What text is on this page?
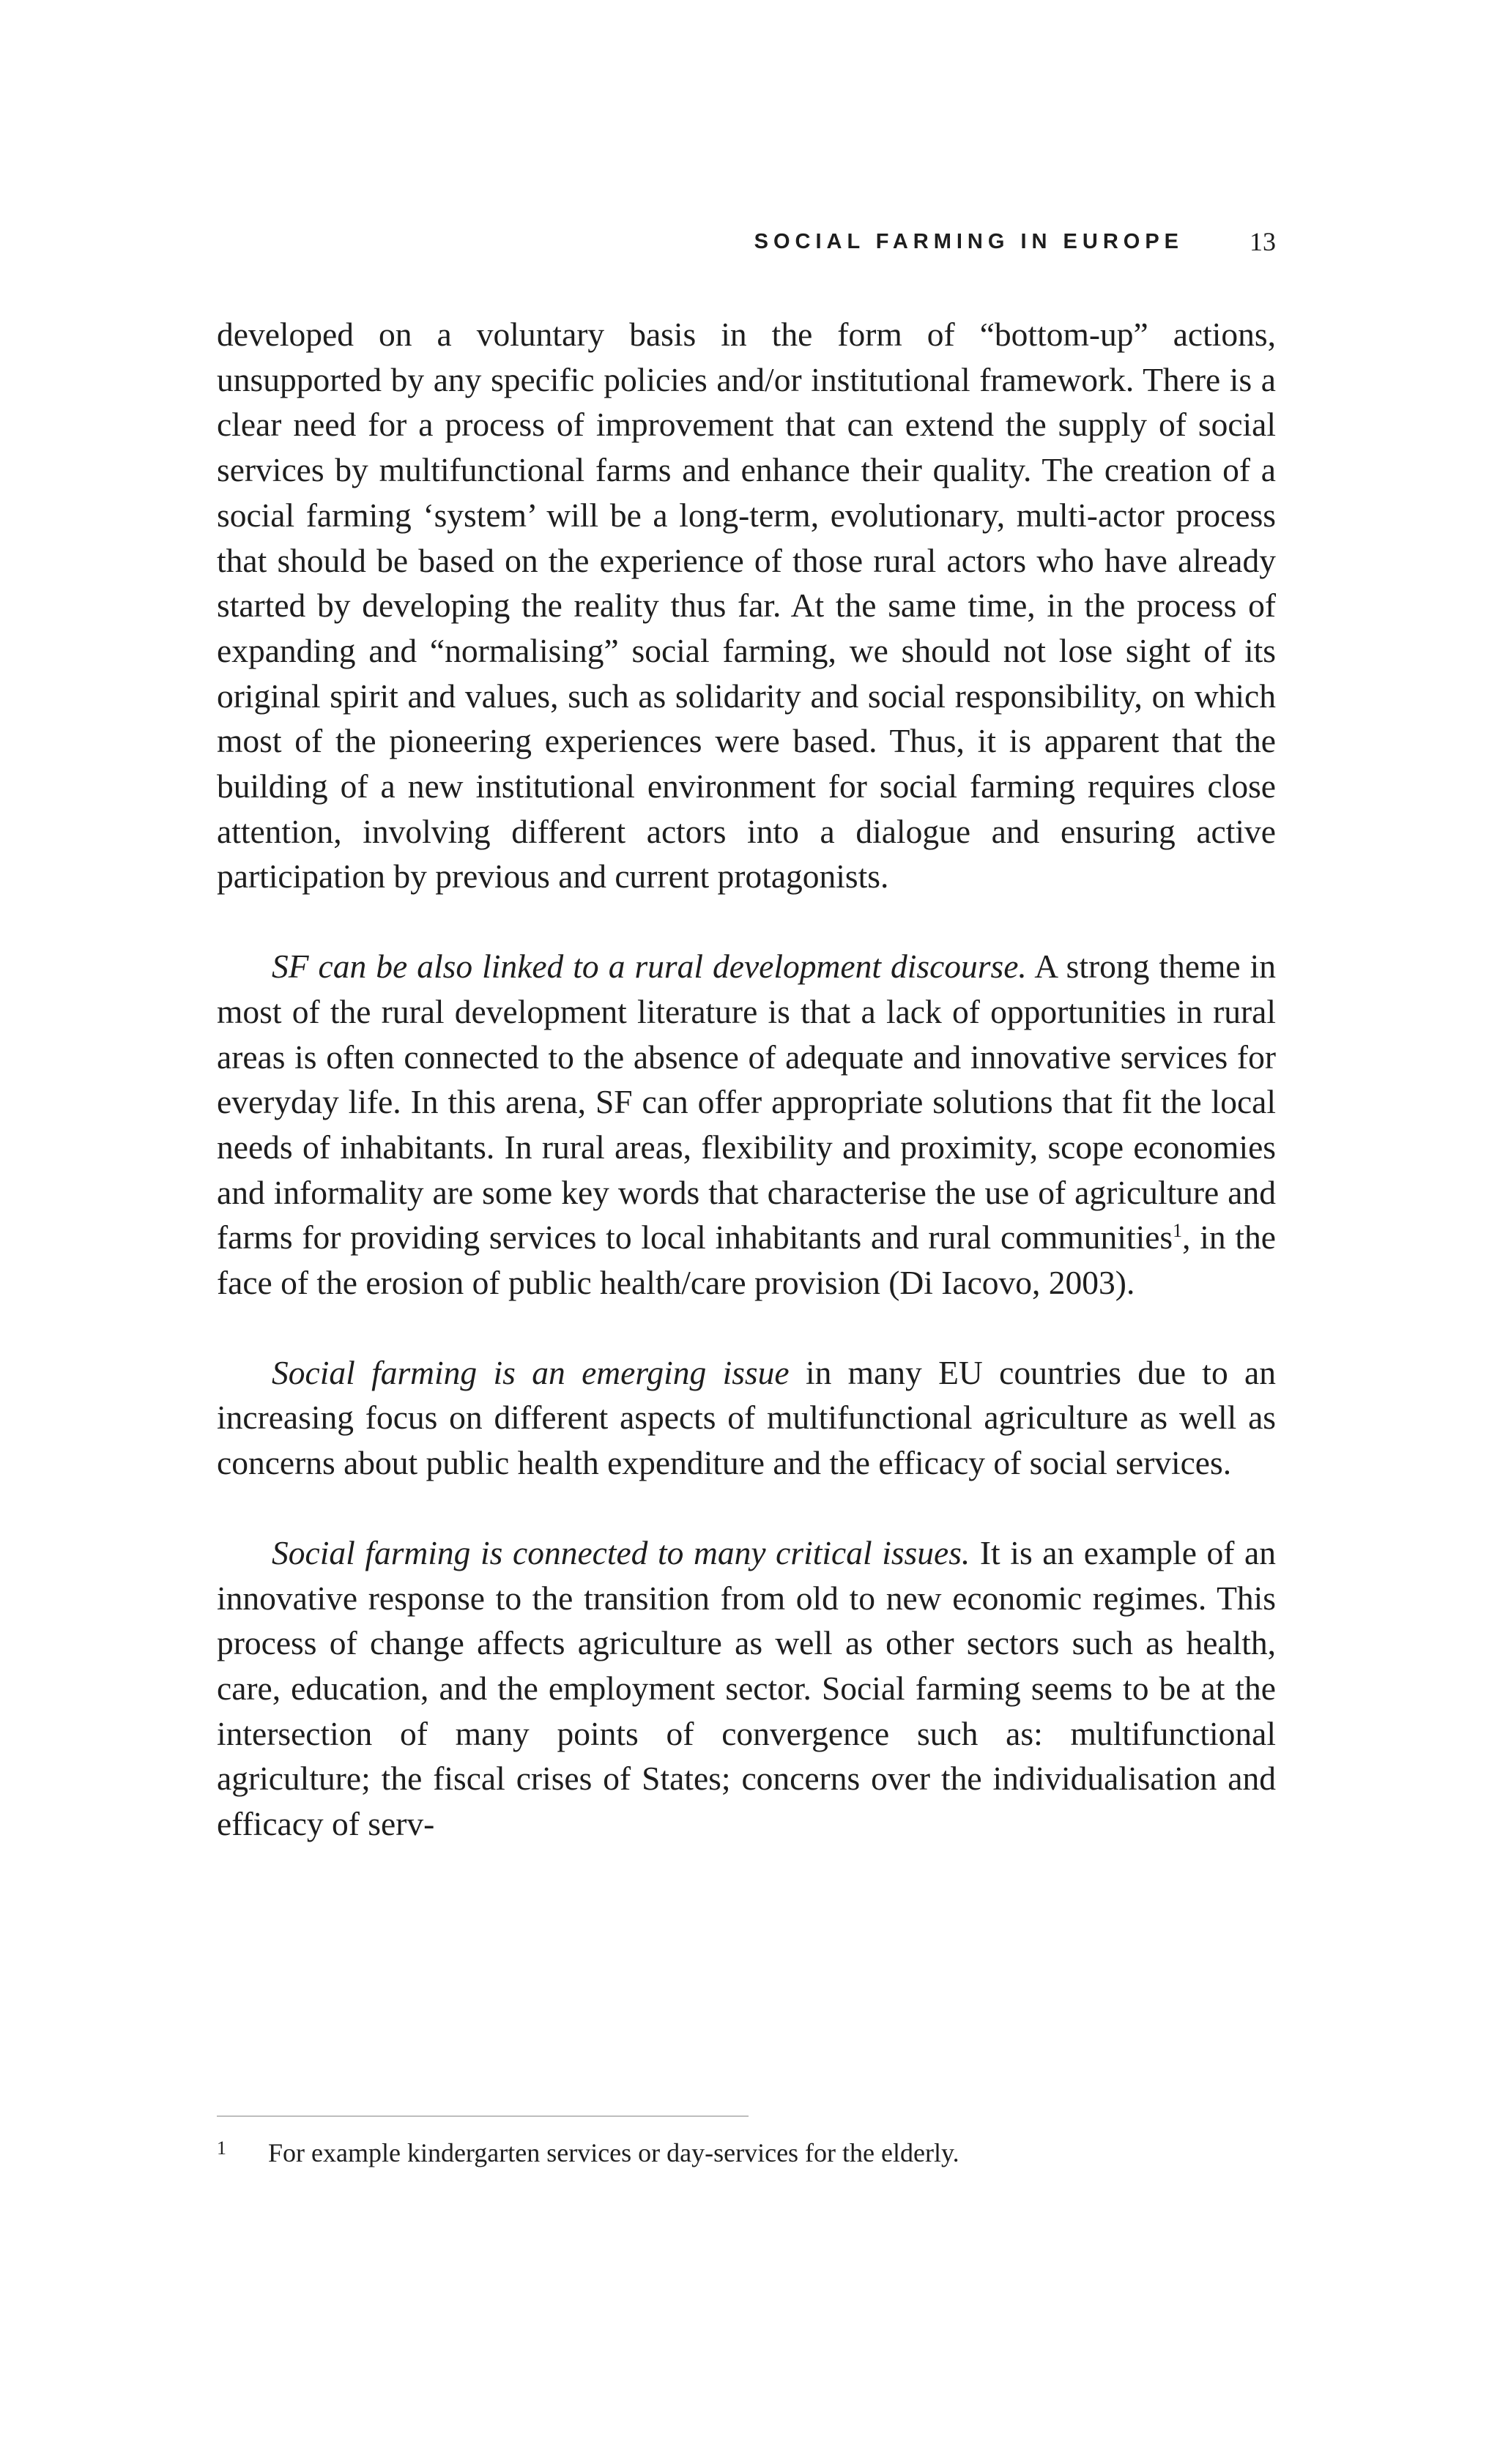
SOCIAL FARMING IN EUROPE	13

developed on a voluntary basis in the form of “bottom-up” actions, unsupported by any specific policies and/or institutional framework. There is a clear need for a process of improvement that can extend the supply of social services by multifunctional farms and enhance their quality. The creation of a social farming ‘system’ will be a long-term, evolutionary, multi-actor process that should be based on the experience of those rural actors who have already started by developing the reality thus far. At the same time, in the process of expanding and “normalising” social farming, we should not lose sight of its original spirit and values, such as solidarity and social responsibility, on which most of the pioneering experiences were based. Thus, it is apparent that the building of a new institutional environment for social farming requires close attention, involving different actors into a dialogue and ensuring active participation by previous and current protagonists.

SF can be also linked to a rural development discourse. A strong theme in most of the rural development literature is that a lack of opportunities in rural areas is often connected to the absence of adequate and innovative services for everyday life. In this arena, SF can offer appropriate solutions that fit the local needs of inhabitants. In rural areas, flexibility and proximity, scope economies and informality are some key words that characterise the use of agriculture and farms for providing services to local inhabitants and rural communities$^1$, in the face of the erosion of public health/​care provision (Di Iacovo, 2003).

Social farming is an emerging issue in many EU countries due to an increasing focus on different aspects of multifunctional agriculture as well as concerns about public health expenditure and the efficacy of social services.

Social farming is connected to many critical issues. It is an example of an innovative response to the transition from old to new economic regimes. This process of change affects agriculture as well as other sectors such as health, care, education, and the employment sector. Social farming seems to be at the intersection of many points of convergence such as: multifunctional agriculture; the fiscal crises of States; concerns over the individualisation and efficacy of serv-

1	For example kindergarten services or day-services for the elderly.
